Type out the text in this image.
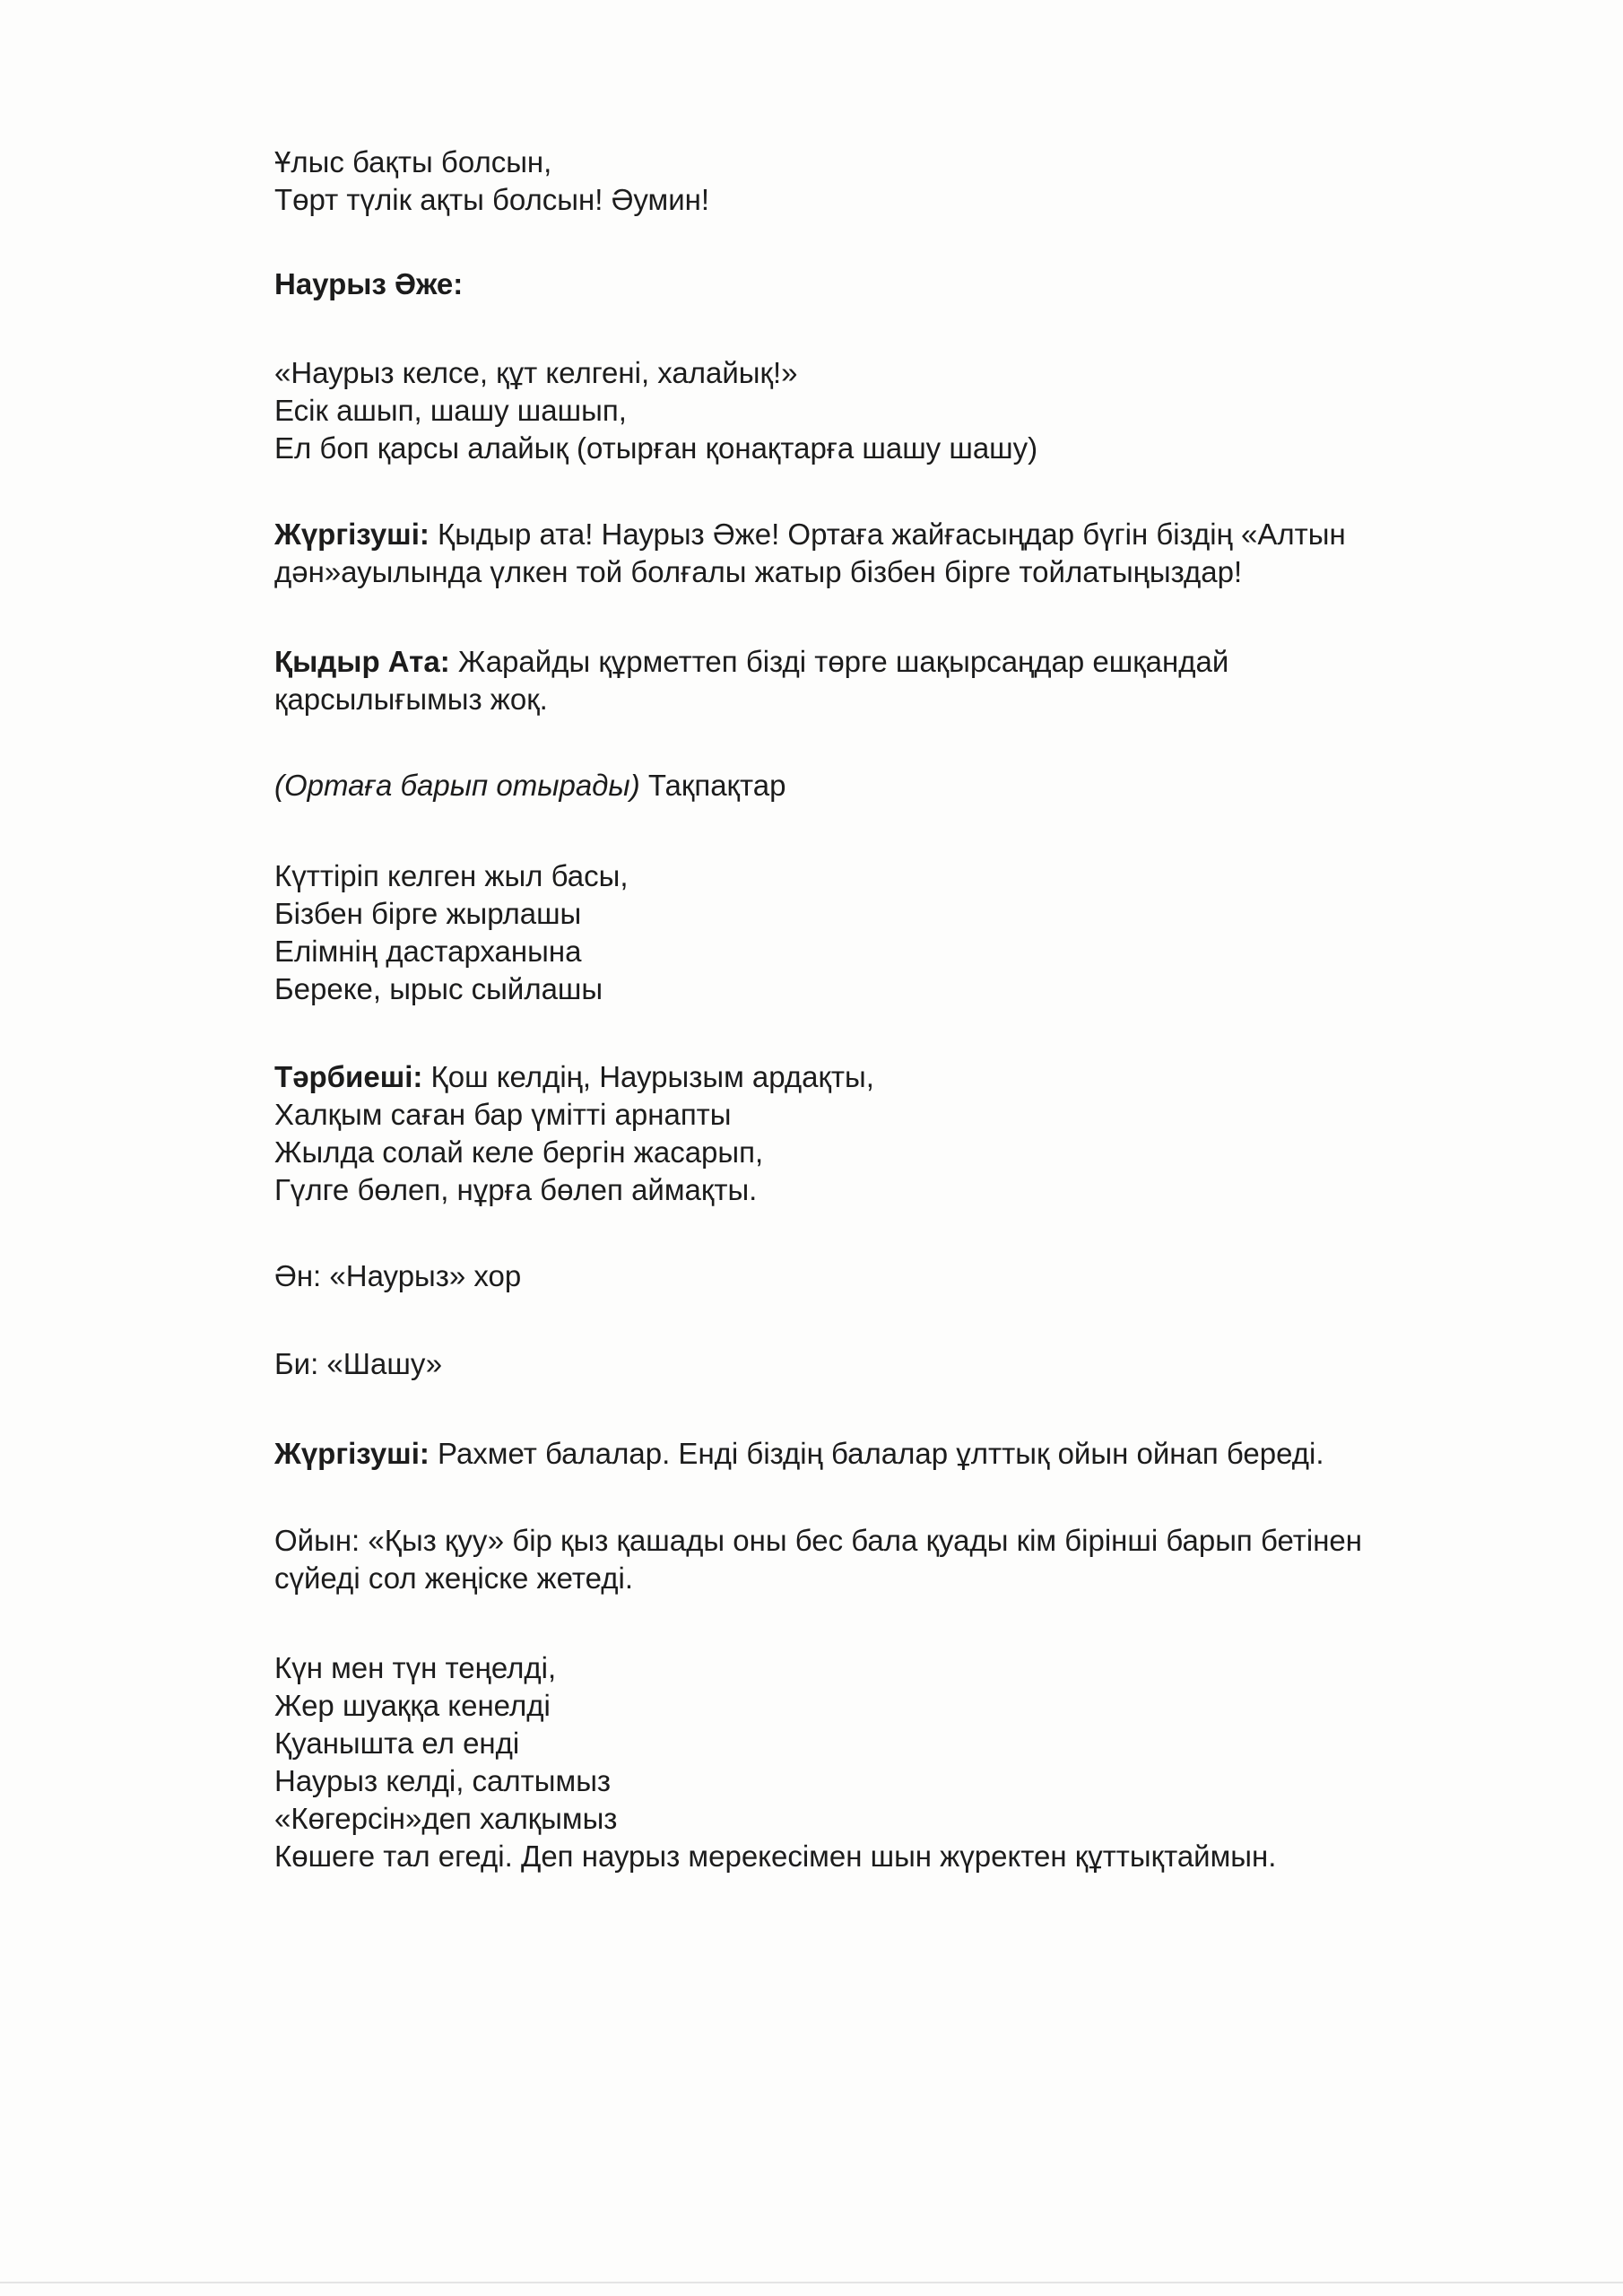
Ұлыс бақты болсын,
Төрт түлік ақты болсын! Әумин!
Наурыз Әже:
«Наурыз келсе, құт келгені, халайық!»
Есік ашып, шашу шашып,
Ел боп қарсы алайық (отырған қонақтарға шашу шашу)
Жүргізуші: Қыдыр ата! Наурыз Әже! Ортаға жайғасыңдар бүгін біздің «Алтын
дән»ауылында үлкен той болғалы жатыр бізбен бірге тойлатыңыздар!
Қыдыр Ата: Жарайды құрметтеп бізді төрге шақырсаңдар ешқандай
қарсылығымыз жоқ.
(Ортаға барып отырады) Тақпақтар
Күттіріп келген жыл басы,
Бізбен бірге жырлашы
Елімнің дастарханына
Береке, ырыс сыйлашы
Тәрбиеші: Қош келдің, Наурызым ардақты,
Халқым саған бар үмітті арнапты
Жылда солай келе бергін жасарып,
Гүлге бөлеп, нұрға бөлеп аймақты.
Ән: «Наурыз» хор
Би: «Шашу»
Жүргізуші: Рахмет балалар. Енді біздің балалар ұлттық ойын ойнап береді.
Ойын: «Қыз қуу» бір қыз қашады оны бес бала қуады кім бірінші барып бетінен
сүйеді сол жеңіске жетеді.
Күн мен түн теңелді,
Жер шуаққа кенелді
Қуанышта ел енді
Наурыз келді, салтымыз
«Көгерсін»деп халқымыз
Көшеге тал егеді. Деп наурыз мерекесімен шын жүректен құттықтаймын.
